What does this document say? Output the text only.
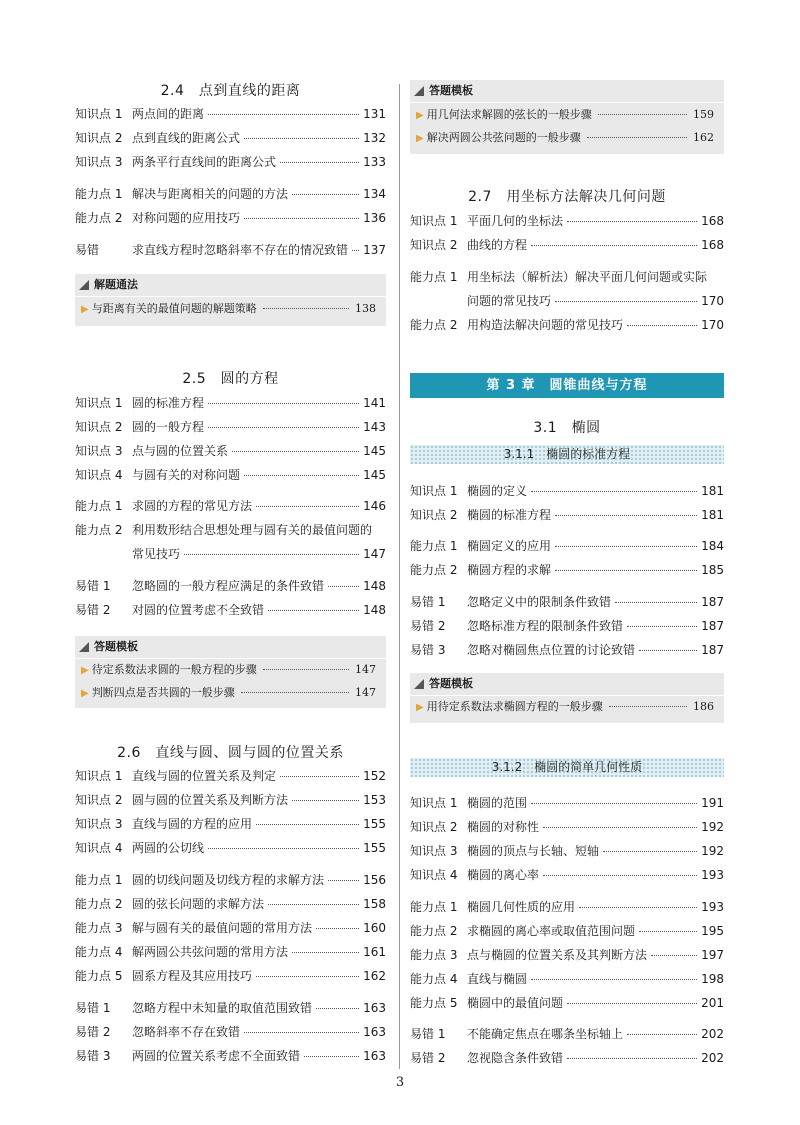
2.4　点到直线的距离
知识点 1 两点间的距离	131
知识点 2 点到直线的距离公式	132
知识点 3 两条平行直线间的距离公式	133
能力点 1 解决与距离相关的问题的方法	134
能力点 2 对称问题的应用技巧	136
易错	求直线方程时忽略斜率不存在的情况致错 137
解题通法
▶ 与距离有关的最值问题的解题策略	138
2.5　圆的方程
知识点 1 圆的标准方程	141
知识点 2 圆的一般方程	143
知识点 3 点与圆的位置关系	145
知识点 4 与圆有关的对称问题	145
能力点 1 求圆的方程的常见方法	146
能力点 2 利用数形结合思想处理与圆有关的最值问题的
常见技巧	147
易错 1	忽略圆的一般方程应满足的条件致错	148
易错 2	对圆的位置考虑不全致错	148
答题模板
▶ 待定系数法求圆的一般方程的步骤	147
▶ 判断四点是否共圆的一般步骤	147
2.6　直线与圆、圆与圆的位置关系
知识点 1 直线与圆的位置关系及判定	152
知识点 2 圆与圆的位置关系及判断方法	153
知识点 3 直线与圆的方程的应用	155
知识点 4 两圆的公切线	155
能力点 1 圆的切线问题及切线方程的求解方法	156
能力点 2 圆的弦长问题的求解方法	158
能力点 3 解与圆有关的最值问题的常用方法	160
能力点 4 解两圆公共弦问题的常用方法	161
能力点 5 圆系方程及其应用技巧	162
易错 1	忽略方程中未知量的取值范围致错	163
易错 2	忽略斜率不存在致错	163
易错 3	两圆的位置关系考虑不全面致错	163
答题模板
▶ 用几何法求解圆的弦长的一般步骤	159
▶ 解决两圆公共弦问题的一般步骤	162
2.7　用坐标方法解决几何问题
知识点 1 平面几何的坐标法	168
知识点 2 曲线的方程	168
能力点 1 用坐标法（解析法）解决平面几何问题或实际
问题的常见技巧	170
能力点 2 用构造法解决问题的常见技巧	170
第 3 章　圆锥曲线与方程
3.1　椭圆
3.1.1　椭圆的标准方程
知识点 1 椭圆的定义	181
知识点 2 椭圆的标准方程	181
能力点 1 椭圆定义的应用	184
能力点 2 椭圆方程的求解	185
易错 1	忽略定义中的限制条件致错	187
易错 2	忽略标准方程的限制条件致错	187
易错 3	忽略对椭圆焦点位置的讨论致错	187
答题模板
▶ 用待定系数法求椭圆方程的一般步骤	186
3.1.2　椭圆的简单几何性质
知识点 1 椭圆的范围	191
知识点 2 椭圆的对称性	192
知识点 3 椭圆的顶点与长轴、短轴	192
知识点 4 椭圆的离心率	193
能力点 1 椭圆几何性质的应用	193
能力点 2 求椭圆的离心率或取值范围问题	195
能力点 3 点与椭圆的位置关系及其判断方法	197
能力点 4 直线与椭圆	198
能力点 5 椭圆中的最值问题	201
易错 1	不能确定焦点在哪条坐标轴上	202
易错 2	忽视隐含条件致错	202
3
